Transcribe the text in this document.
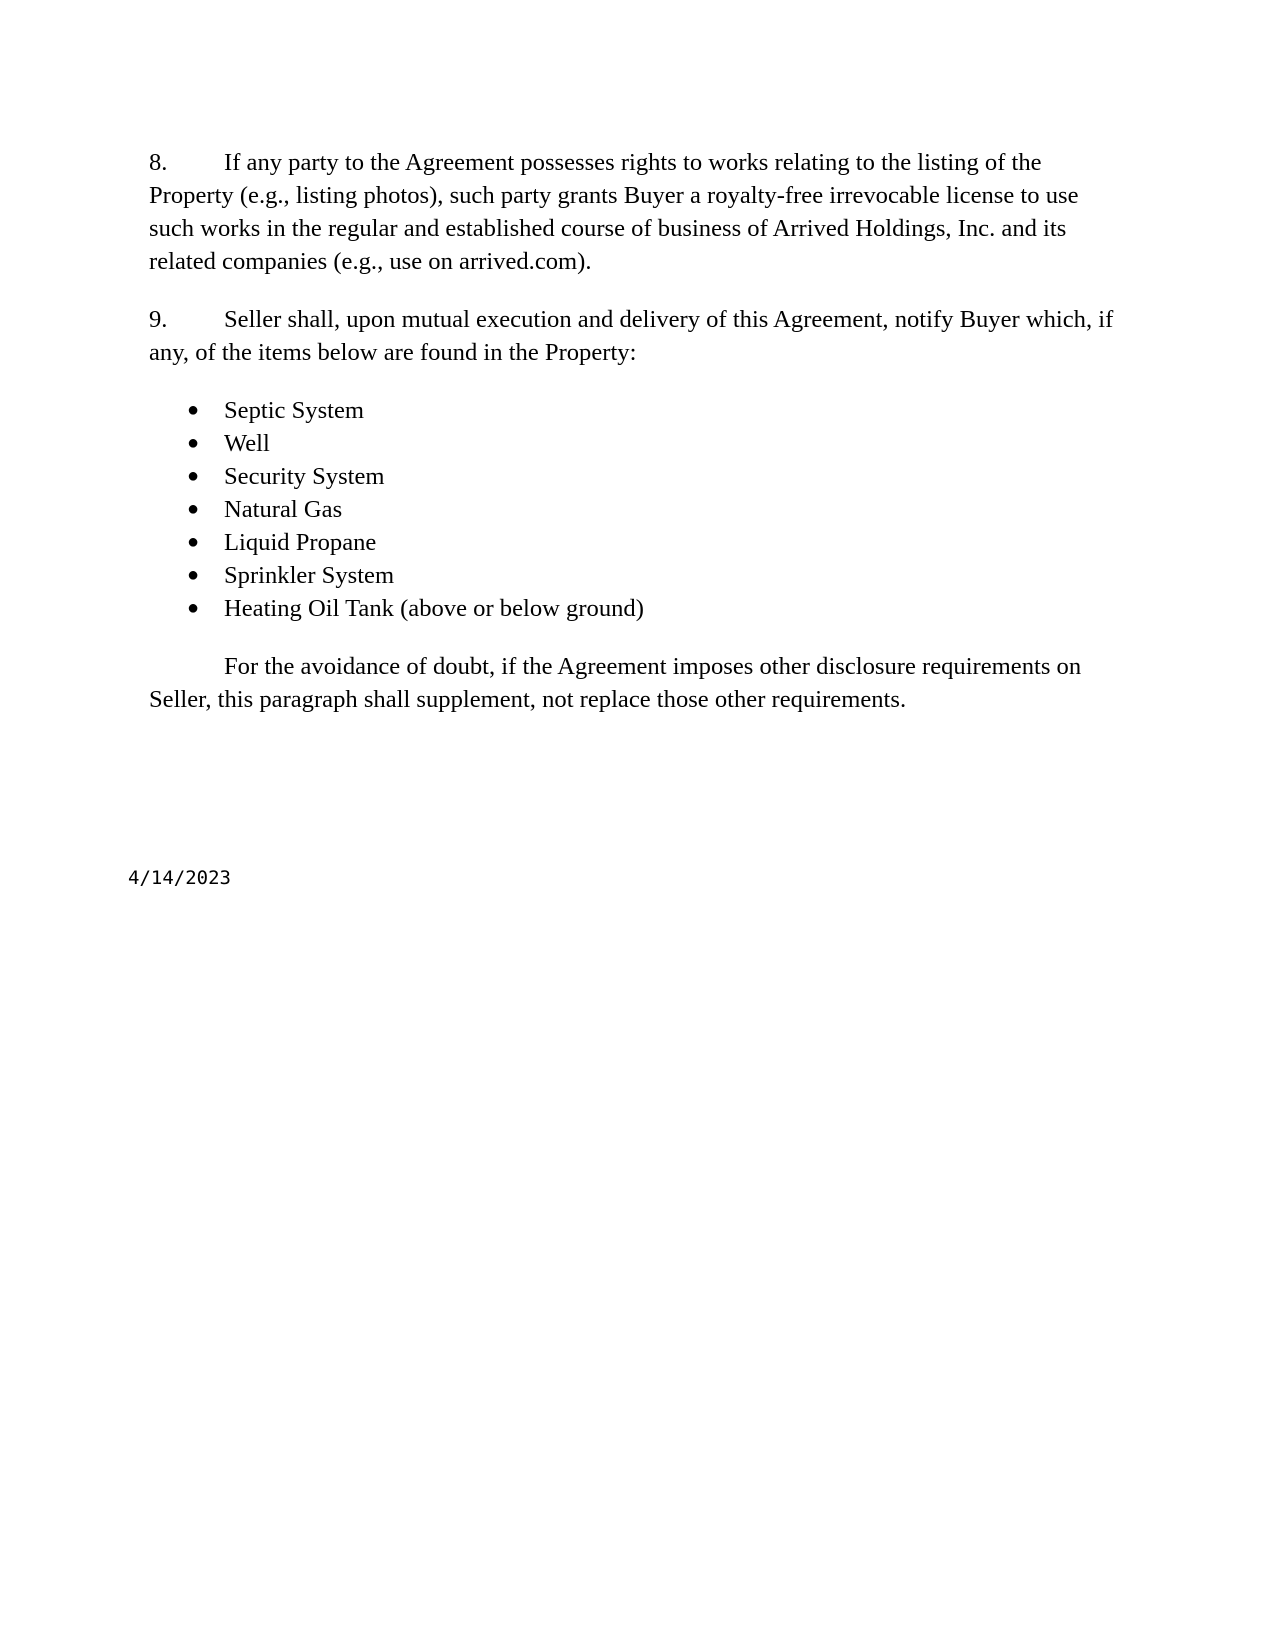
8. If any party to the Agreement possesses rights to works relating to the listing of the Property (e.g., listing photos), such party grants Buyer a royalty-free irrevocable license to use such works in the regular and established course of business of Arrived Holdings, Inc. and its related companies (e.g., use on arrived.com).

9. Seller shall, upon mutual execution and delivery of this Agreement, notify Buyer which, if any, of the items below are found in the Property:

● Septic System
● Well
● Security System
● Natural Gas
● Liquid Propane
● Sprinkler System
● Heating Oil Tank (above or below ground)

For the avoidance of doubt, if the Agreement imposes other disclosure requirements on Seller, this paragraph shall supplement, not replace those other requirements.

4/14/2023
